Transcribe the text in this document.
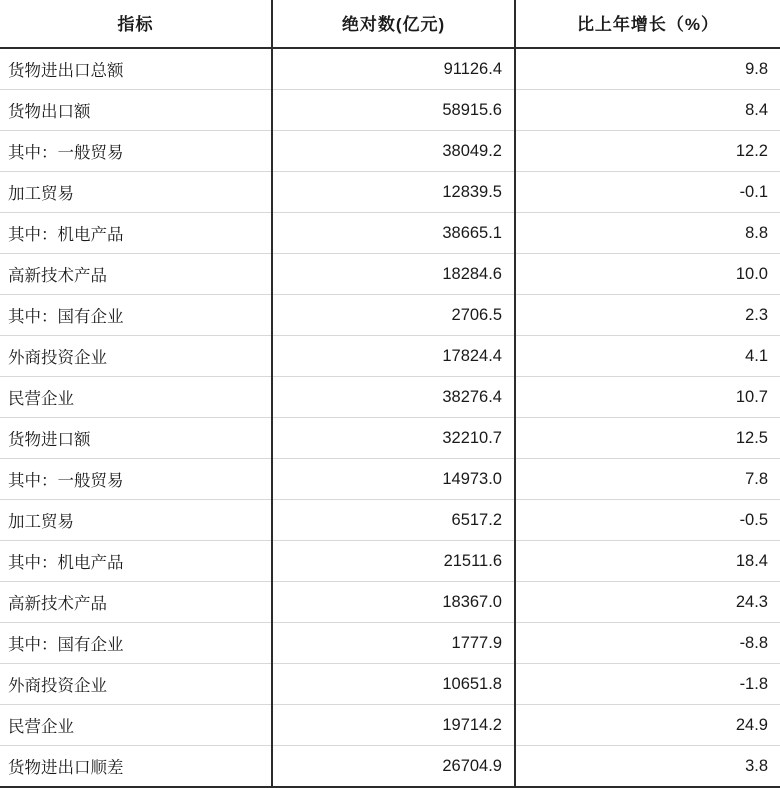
指标	绝对数(亿元)	比上年增长（%）
货物进出口总额	91126.4	9.8
货物出口额	58915.6	8.4
其中：一般贸易	38049.2	12.2
加工贸易	12839.5	-0.1
其中：机电产品	38665.1	8.8
高新技术产品	18284.6	10.0
其中：国有企业	2706.5	2.3
外商投资企业	17824.4	4.1
民营企业	38276.4	10.7
货物进口额	32210.7	12.5
其中：一般贸易	14973.0	7.8
加工贸易	6517.2	-0.5
其中：机电产品	21511.6	18.4
高新技术产品	18367.0	24.3
其中：国有企业	1777.9	-8.8
外商投资企业	10651.8	-1.8
民营企业	19714.2	24.9
货物进出口顺差	26704.9	3.8
